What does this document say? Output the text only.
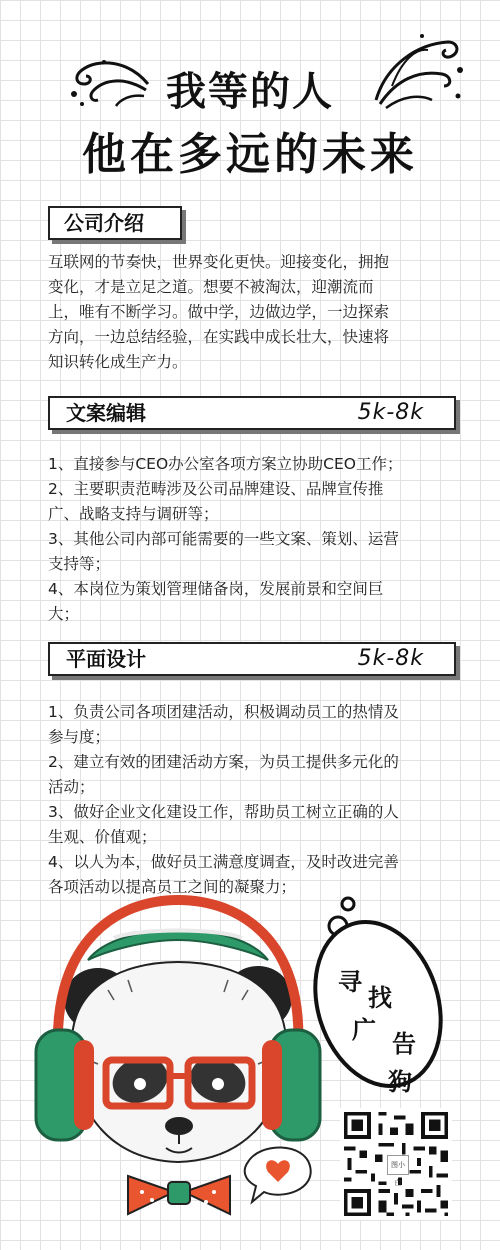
我等的人
他在多远的未来
公司介绍
互联网的节奏快，世界变化更快。迎接变化，拥抱
变化，才是立足之道。想要不被淘汰，迎潮流而
上，唯有不断学习。做中学，边做边学，一边探索
方向，一边总结经验，在实践中成长壮大，快速将
知识转化成生产力。
文案编辑	5k-8k
1、直接参与CEO办公室各项方案立协助CEO工作；
2、主要职责范畴涉及公司品牌建设、品牌宣传推
广、战略支持与调研等；
3、其他公司内部可能需要的一些文案、策划、运营
支持等；
4、本岗位为策划管理储备岗，发展前景和空间巨
大；
平面设计	5k-8k
1、负责公司各项团建活动，积极调动员工的热情及
参与度；
2、建立有效的团建活动方案，为员工提供多元化的
活动；
3、做好企业文化建设工作，帮助员工树立正确的人
生观、价值观；
4、以人为本，做好员工满意度调查，及时改进完善
各项活动以提高员工之间的凝聚力；
寻
找
广 告
狗
图小白
